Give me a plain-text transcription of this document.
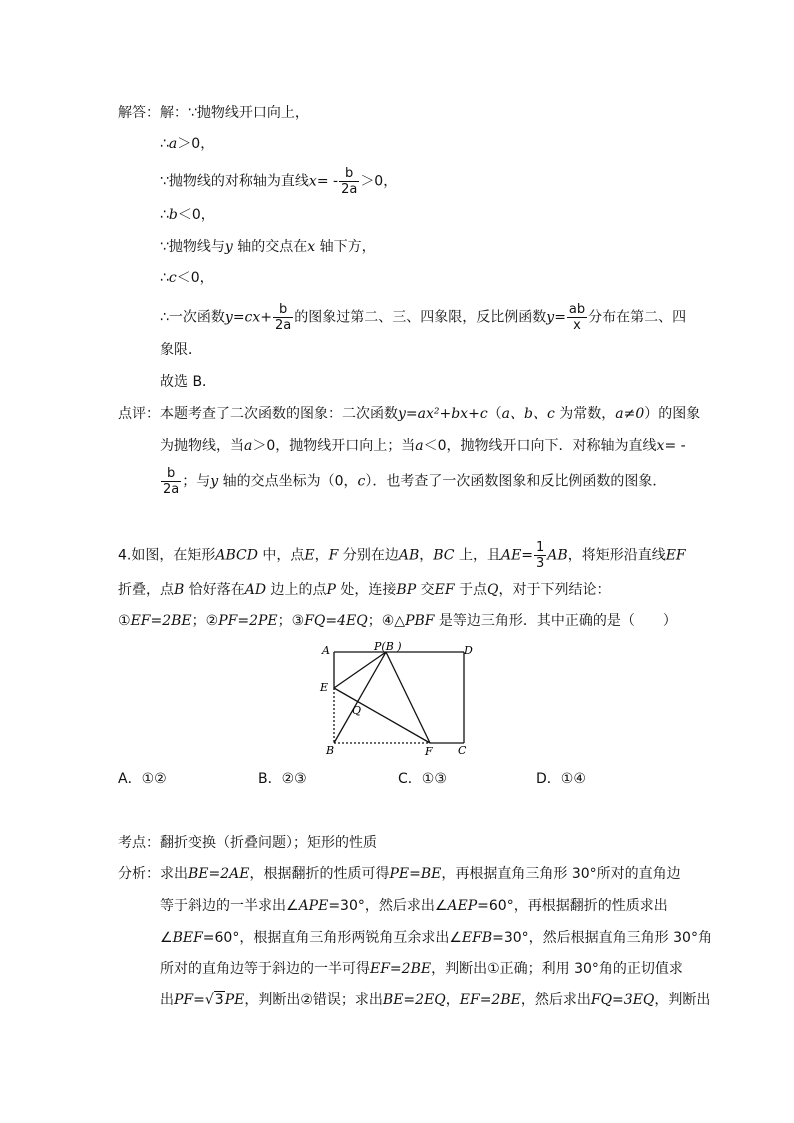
解答：解：∵抛物线开口向上，
∴a＞0，
∵抛物线的对称轴为直线$x= - \frac{b}{2a} >0$，
∴b＜0，
∵抛物线与y 轴的交点在x 轴下方，
∴c＜0，
∴一次函数$y=cx+ \frac{b}{2a}$ 的图象过第二、三、四象限，反比例函数$y= \frac{ab}{x}$ 分布在第二、四
象限．
故选 B．
点评：本题考查了二次函数的图象：二次函数y=ax²+bx+c（a、b、c 为常数，a≠0）的图象
为抛物线，当a＞0，抛物线开口向上；当a＜0，抛物线开口向下．对称轴为直线x= -
$\frac{b}{2a}$ ；与y 轴的交点坐标为（0，c）．也考查了一次函数图象和反比例函数的图象．
4.如图，在矩形ABCD 中，点E，F 分别在边AB，BC 上，且$AE= \frac{1}{3}$ AB，将矩形沿直线EF
折叠，点B 恰好落在AD 边上的点P 处，连接BP 交EF 于点Q，对于下列结论：
①EF=2BE；②PF=2PE；③FQ=4EQ；④△PBF 是等边三角形．其中正确的是（　　）
A	P(B )	D
E
Q
B	F C
A．①②	B．②③	C．①③	D．①④
考点：翻折变换（折叠问题）；矩形的性质
分析：求出BE=2AE，根据翻折的性质可得PE=BE，再根据直角三角形 30°所对的直角边
等于斜边的一半求出∠APE=30°，然后求出∠AEP=60°，再根据翻折的性质求出
∠BEF=60°，根据直角三角形两锐角互余求出∠EFB=30°，然后根据直角三角形 30°角
所对的直角边等于斜边的一半可得EF=2BE，判断出①正确；利用 30°角的正切值求
出PF=√3PE，判断出②错误；求出BE=2EQ，EF=2BE，然后求出FQ=3EQ，判断出
